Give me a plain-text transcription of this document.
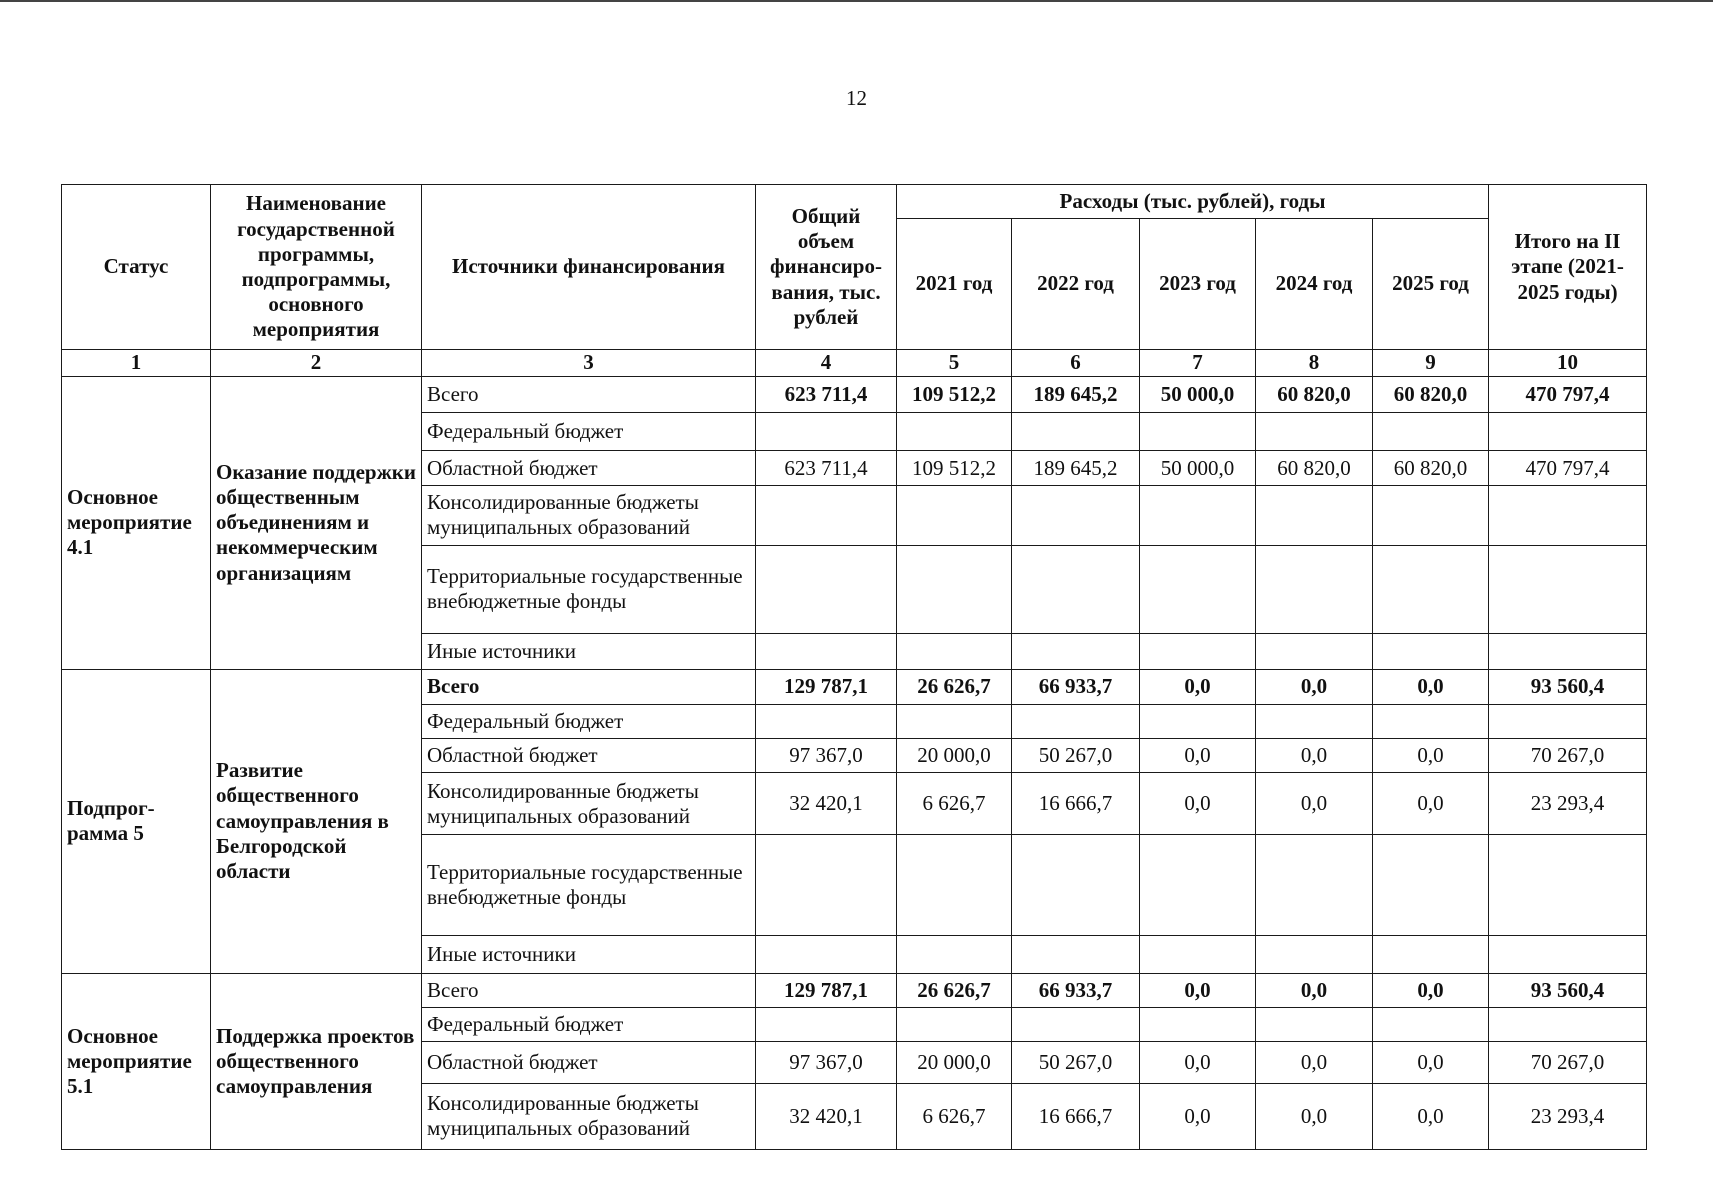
12
Статус	Наименование государственной программы, подпрограммы, основного мероприятия	Источники финансирования	Общий объем финансиро-вания, тыс. рублей	Расходы (тыс. рублей), годы					Итого на II этапе (2021-2025 годы)
				2021 год	2022 год	2023 год	2024 год	2025 год	
1	2	3	4	5	6	7	8	9	10
Основное мероприятие 4.1	Оказание поддержки общественным объединениям и некоммерческим организациям	Всего	623 711,4	109 512,2	189 645,2	50 000,0	60 820,0	60 820,0	470 797,4
		Федеральный бюджет							
		Областной бюджет	623 711,4	109 512,2	189 645,2	50 000,0	60 820,0	60 820,0	470 797,4
		Консолидированные бюджеты муниципальных образований							
		Территориальные государственные внебюджетные фонды							
		Иные источники							
Подпрог-рамма 5	Развитие общественного самоуправления в Белгородской области	Всего	129 787,1	26 626,7	66 933,7	0,0	0,0	0,0	93 560,4
		Федеральный бюджет							
		Областной бюджет	97 367,0	20 000,0	50 267,0	0,0	0,0	0,0	70 267,0
		Консолидированные бюджеты муниципальных образований	32 420,1	6 626,7	16 666,7	0,0	0,0	0,0	23 293,4
		Территориальные государственные внебюджетные фонды							
		Иные источники							
Основное мероприятие 5.1	Поддержка проектов общественного самоуправления	Всего	129 787,1	26 626,7	66 933,7	0,0	0,0	0,0	93 560,4
		Федеральный бюджет							
		Областной бюджет	97 367,0	20 000,0	50 267,0	0,0	0,0	0,0	70 267,0
		Консолидированные бюджеты муниципальных образований	32 420,1	6 626,7	16 666,7	0,0	0,0	0,0	23 293,4
